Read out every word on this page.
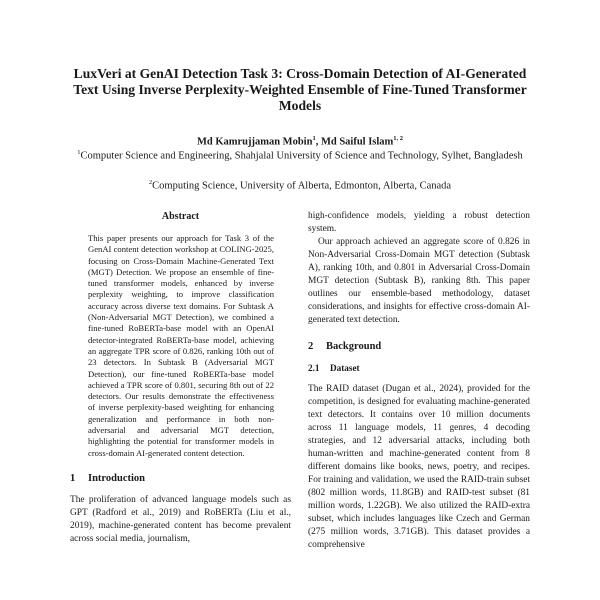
LuxVeri at GenAI Detection Task 3: Cross-Domain Detection of AI-Generated Text Using Inverse Perplexity-Weighted Ensemble of Fine-Tuned Transformer Models
Md Kamrujjaman Mobin$^1$, Md Saiful Islam$^{1, 2}$
$^1$Computer Science and Engineering, Shahjalal University of Science and Technology, Sylhet, Bangladesh
$^2$Computing Science, University of Alberta, Edmonton, Alberta, Canada
Abstract

This paper presents our approach for Task 3 of the GenAI content detection workshop at COLING-2025, focusing on Cross-Domain Machine-Generated Text (MGT) Detection. We propose an ensemble of fine-tuned transformer models, enhanced by inverse perplexity weighting, to improve classification accuracy across diverse text domains. For Subtask A (Non-Adversarial MGT Detection), we combined a fine-tuned RoBERTa-base model with an OpenAI detector-integrated RoBERTa-base model, achieving an aggregate TPR score of 0.826, ranking 10th out of 23 detectors. In Subtask B (Adversarial MGT Detection), our fine-tuned RoBERTa-base model achieved a TPR score of 0.801, securing 8th out of 22 detectors. Our results demonstrate the effectiveness of inverse perplexity-based weighting for enhancing generalization and performance in both non-adversarial and adversarial MGT detection, highlighting the potential for transformer models in cross-domain AI-generated content detection.

1 Introduction

The proliferation of advanced language models such as GPT (Radford et al., 2019) and RoBERTa (Liu et al., 2019), machine-generated content has become prevalent across social media, journalism,

high-confidence models, yielding a robust detection system.

Our approach achieved an aggregate score of 0.826 in Non-Adversarial Cross-Domain MGT detection (Subtask A), ranking 10th, and 0.801 in Adversarial Cross-Domain MGT detection (Subtask B), ranking 8th. This paper outlines our ensemble-based methodology, dataset considerations, and insights for effective cross-domain AI-generated text detection.

2 Background
2.1 Dataset

The RAID dataset (Dugan et al., 2024), provided for the competition, is designed for evaluating machine-generated text detectors. It contains over 10 million documents across 11 language models, 11 genres, 4 decoding strategies, and 12 adversarial attacks, including both human-written and machine-generated content from 8 different domains like books, news, poetry, and recipes. For training and validation, we used the RAID-train subset (802 million words, 11.8GB) and RAID-test subset (81 million words, 1.22GB). We also utilized the RAID-extra subset, which includes languages like Czech and German (275 million words, 3.71GB). This dataset provides a comprehensive
